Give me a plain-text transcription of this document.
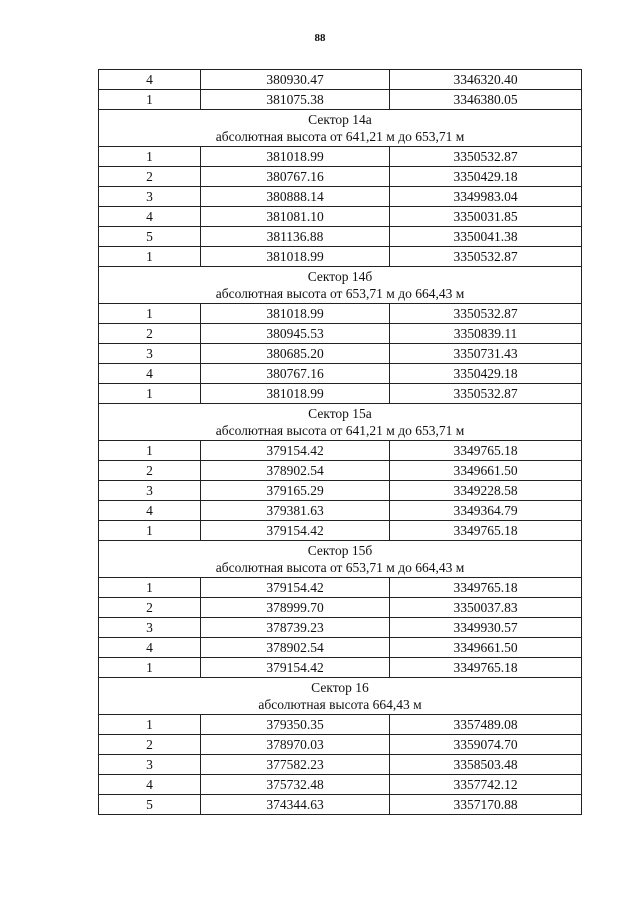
88
4	380930.47	3346320.40
1	381075.38	3346380.05

Сектор 14а
абсолютная высота от 641,21 м до 653,71 м		

1	381018.99	3350532.87
2	380767.16	3350429.18
3	380888.14	3349983.04
4	381081.10	3350031.85
5	381136.88	3350041.38
1	381018.99	3350532.87

Сектор 14б
абсолютная высота от 653,71 м до 664,43 м		

1	381018.99	3350532.87
2	380945.53	3350839.11
3	380685.20	3350731.43
4	380767.16	3350429.18
1	381018.99	3350532.87

Сектор 15а
абсолютная высота от 641,21 м до 653,71 м		

1	379154.42	3349765.18
2	378902.54	3349661.50
3	379165.29	3349228.58
4	379381.63	3349364.79
1	379154.42	3349765.18

Сектор 15б
абсолютная высота от 653,71 м до 664,43 м		

1	379154.42	3349765.18
2	378999.70	3350037.83
3	378739.23	3349930.57
4	378902.54	3349661.50
1	379154.42	3349765.18

Сектор 16
абсолютная высота 664,43 м		

1	379350.35	3357489.08
2	378970.03	3359074.70
3	377582.23	3358503.48
4	375732.48	3357742.12
5	374344.63	3357170.88
